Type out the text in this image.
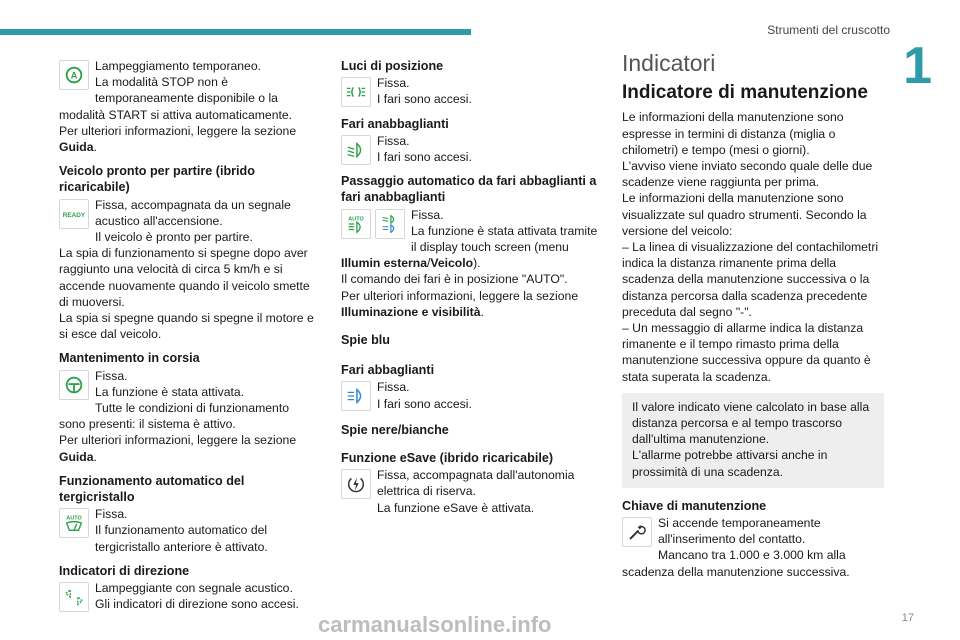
Strumenti del cruscotto
1
17
carmanualsonline.info
A

Lampeggiamento temporaneo.

La modalità STOP non è temporaneamente disponibile o la modalità START si attiva automaticamente.

Per ulteriori informazioni, leggere la sezione Guida.

Veicolo pronto per partire (ibrido ricaricabile)
READY

Fissa, accompagnata da un segnale acustico all'accensione.

Il veicolo è pronto per partire.

La spia di funzionamento si spegne dopo aver raggiunto una velocità di circa 5 km/h e si accende nuovamente quando il veicolo smette di muoversi.

La spia si spegne quando si spegne il motore e si esce dal veicolo.

Mantenimento in corsia

Fissa.

La funzione è stata attivata.

Tutte le condizioni di funzionamento sono presenti: il sistema è attivo.

Per ulteriori informazioni, leggere la sezione Guida.

Funzionamento automatico del tergicristallo
AUTO	Fissa.

Il funzionamento automatico del tergicristallo anteriore è attivato.

Indicatori di direzione

Lampeggiante con segnale acustico.

Gli indicatori di direzione sono accesi.

Luci di posizione

Fissa.

I fari sono accesi.

Fari anabbaglianti

Fissa.

I fari sono accesi.

Passaggio automatico da fari abbaglianti a fari anabbaglianti
AUTO	Fissa.

La funzione è stata attivata tramite il display touch screen (menu Illumin esterna/Veicolo).

Il comando dei fari è in posizione "AUTO".

Per ulteriori informazioni, leggere la sezione Illuminazione e visibilità.

Spie blu
Fari abbaglianti

Fissa.

I fari sono accesi.

Spie nere/bianche
Funzione eSave (ibrido ricaricabile)

Fissa, accompagnata dall'autonomia elettrica di riserva.

La funzione eSave è attivata.

Indicatori
Indicatore di manutenzione

Le informazioni della manutenzione sono espresse in termini di distanza (miglia o chilometri) e tempo (mesi o giorni).

L'avviso viene inviato secondo quale delle due scadenze viene raggiunta per prima.

Le informazioni della manutenzione sono visualizzate sul quadro strumenti. Secondo la versione del veicolo:

– La linea di visualizzazione del contachilometri indica la distanza rimanente prima della scadenza della manutenzione successiva o la distanza percorsa dalla scadenza precedente preceduta dal segno "-".

– Un messaggio di allarme indica la distanza rimanente e il tempo rimasto prima della manutenzione successiva oppure da quanto è stata superata la scadenza.

Il valore indicato viene calcolato in base alla distanza percorsa e al tempo trascorso dall'ultima manutenzione.

L'allarme potrebbe attivarsi anche in prossimità di una scadenza.

Chiave di manutenzione

Si accende temporaneamente all'inserimento del contatto.

Mancano tra 1.000 e 3.000 km alla scadenza della manutenzione successiva.
